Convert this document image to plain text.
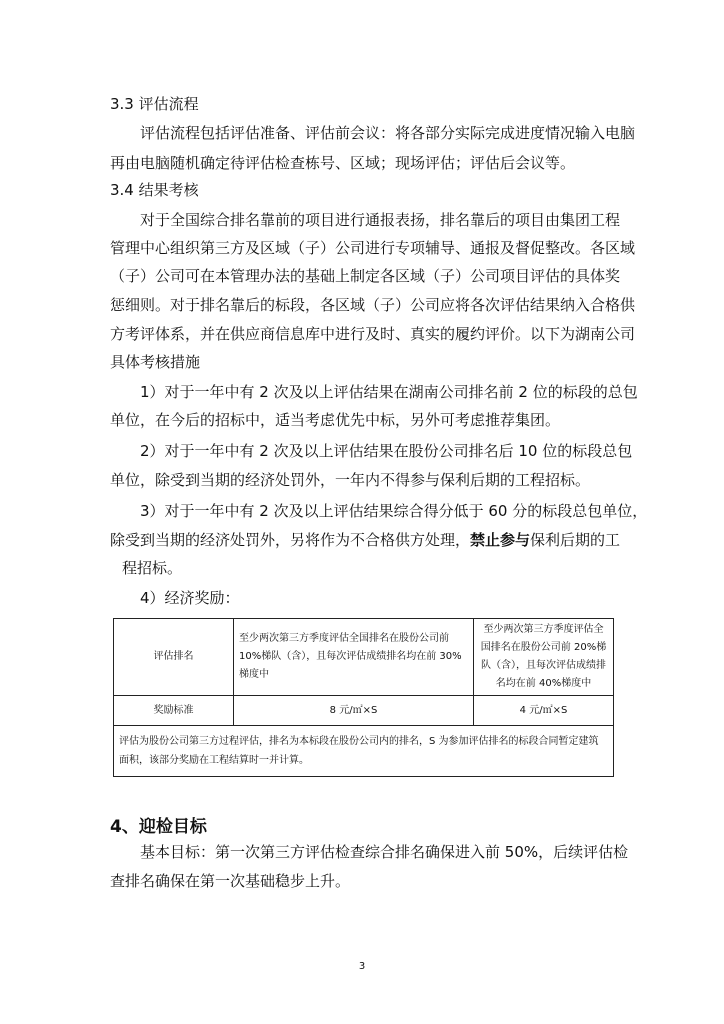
3.3 评估流程
评估流程包括评估准备、评估前会议：将各部分实际完成进度情况输入电脑
再由电脑随机确定待评估检查栋号、区域；现场评估；评估后会议等。
3.4 结果考核
对于全国综合排名靠前的项目进行通报表扬，排名靠后的项目由集团工程
管理中心组织第三方及区域（子）公司进行专项辅导、通报及督促整改。各区域
（子）公司可在本管理办法的基础上制定各区域（子）公司项目评估的具体奖
惩细则。对于排名靠后的标段，各区域（子）公司应将各次评估结果纳入合格供
方考评体系，并在供应商信息库中进行及时、真实的履约评价。以下为湖南公司
具体考核措施
1）对于一年中有 2 次及以上评估结果在湖南公司排名前 2 位的标段的总包
单位，在今后的招标中，适当考虑优先中标，另外可考虑推荐集团。
2）对于一年中有 2 次及以上评估结果在股份公司排名后 10 位的标段总包
单位，除受到当期的经济处罚外，一年内不得参与保利后期的工程招标。
3）对于一年中有 2 次及以上评估结果综合得分低于 60 分的标段总包单位，
除受到当期的经济处罚外，另将作为不合格供方处理，禁止参与保利后期的工
程招标。
4）经济奖励：
评估排名	至少两次第三方季度评估全国排名在股份公司前 10%梯队（含），且每次评估成绩排名均在前 30%梯度中	至少两次第三方季度评估全国排名在股份公司前 20%梯队（含），且每次评估成绩排名均在前 40%梯度中
奖励标准	8 元/㎡×S	4 元/㎡×S
评估为股份公司第三方过程评估，排名为本标段在股份公司内的排名，S 为参加评估排名的标段合同暂定建筑面积，该部分奖励在工程结算时一并计算。		
4、迎检目标
基本目标：第一次第三方评估检查综合排名确保进入前 50%，后续评估检
查排名确保在第一次基础稳步上升。
3
